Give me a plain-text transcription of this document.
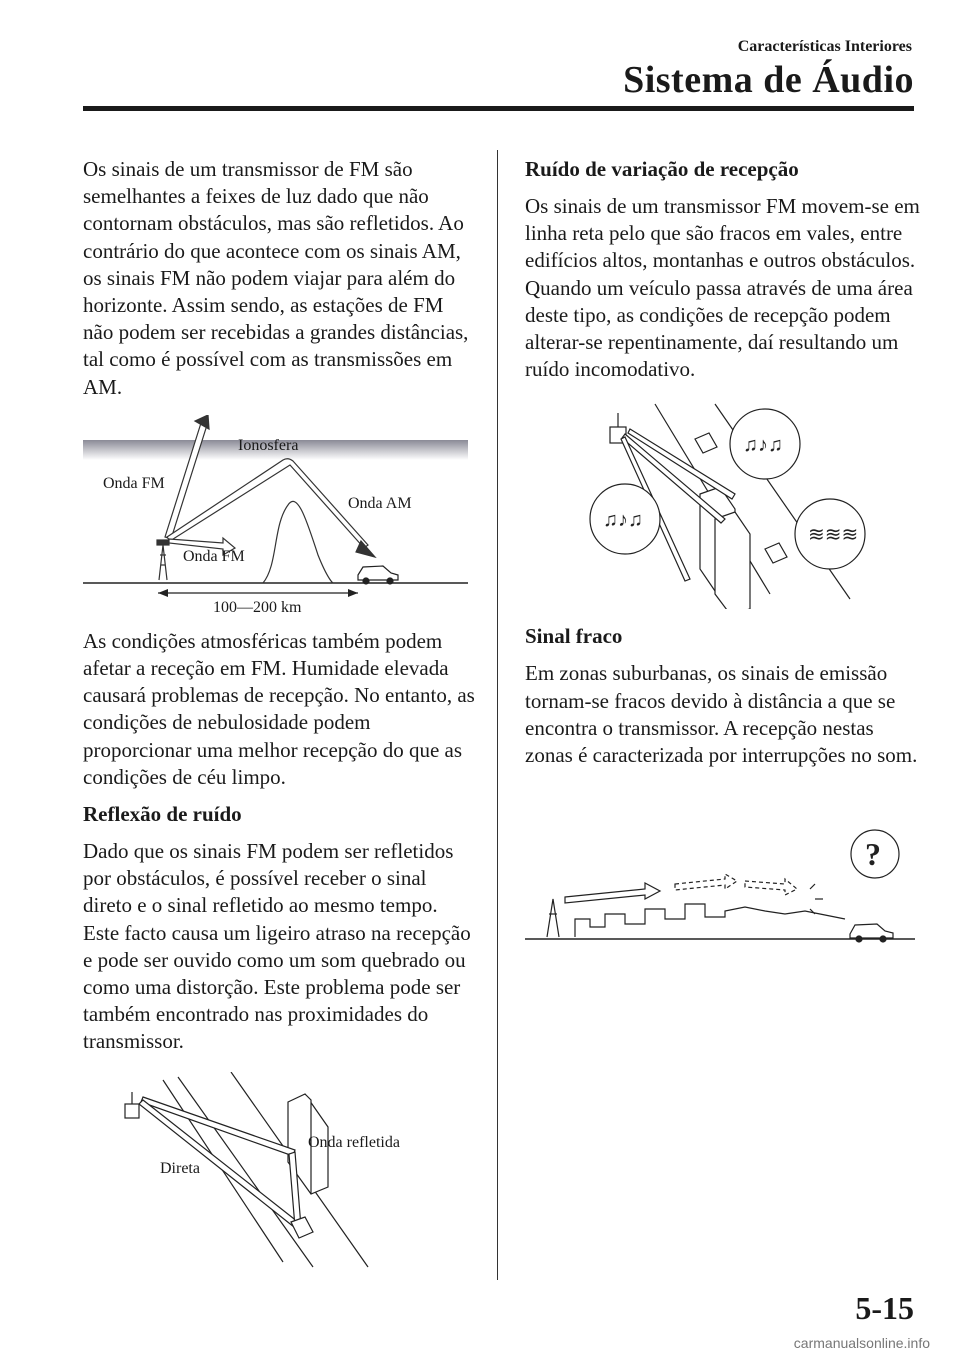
Características Interiores
Sistema de Áudio

Os sinais de um transmissor de FM são semelhantes a feixes de luz dado que não contornam obstáculos, mas são refletidos. Ao contrário do que acontece com os sinais AM, os sinais FM não podem viajar para além do horizonte. Assim sendo, as estações de FM não podem ser recebidas a grandes distâncias, tal como é possível com as transmissões em AM.

Ionosfera
Onda FM
Onda AM
Onda FM
100—200 km

As condições atmosféricas também podem afetar a receção em FM. Humidade elevada causará problemas de recepção. No entanto, as condições de nebulosidade podem proporcionar uma melhor recepção do que as condições de céu limpo.

Reflexão de ruído

Dado que os sinais FM podem ser refletidos por obstáculos, é possível receber o sinal direto e o sinal refletido ao mesmo tempo. Este facto causa um ligeiro atraso na recepção e pode ser ouvido como um som quebrado ou como uma distorção. Este problema pode ser também encontrado nas proximidades do transmissor.

Onda refletida
Direta
Ruído de variação de recepção

Os sinais de um transmissor FM movem-se em linha reta pelo que são fracos em vales, entre edifícios altos, montanhas e outros obstáculos. Quando um veículo passa através de uma área deste tipo, as condições de recepção podem alterar-se repentinamente, daí resultando um ruído incomodativo.

♫♪♫
♫♪♫
≋≋≋
Sinal fraco

Em zonas suburbanas, os sinais de emissão tornam-se fracos devido à distância a que se encontra o transmissor. A recepção nestas zonas é caracterizada por interrupções no som.

?
5-15
carmanualsonline.info
